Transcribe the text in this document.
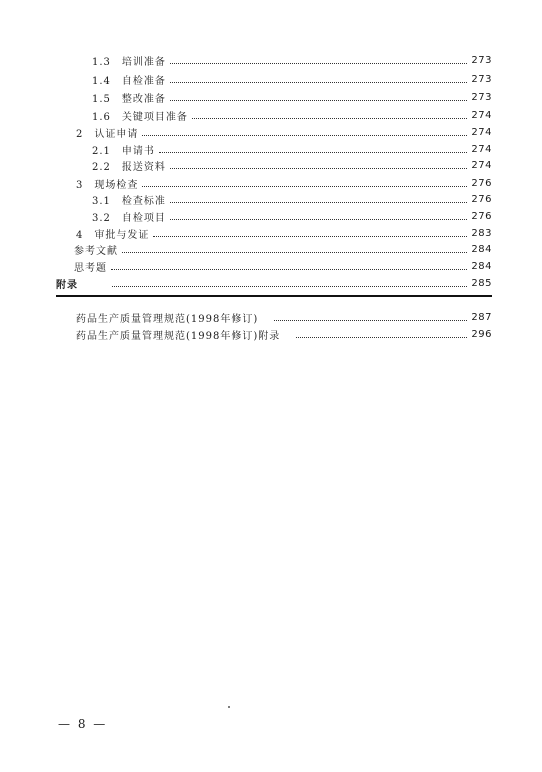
1.3　培训准备	273
1.4　自检准备	273
1.5　整改准备	273
1.6　关键项目准备	274
2　认证申请	274
2.1　申请书	274
2.2　报送资料	274
3　现场检查	276
3.1　检查标准	276
3.2　自检项目	276
4　审批与发证	283
参考文献	284
思考题	284
附录	285
药品生产质量管理规范(1998年修订)	287
药品生产质量管理规范(1998年修订)附录	296
— 8 —
